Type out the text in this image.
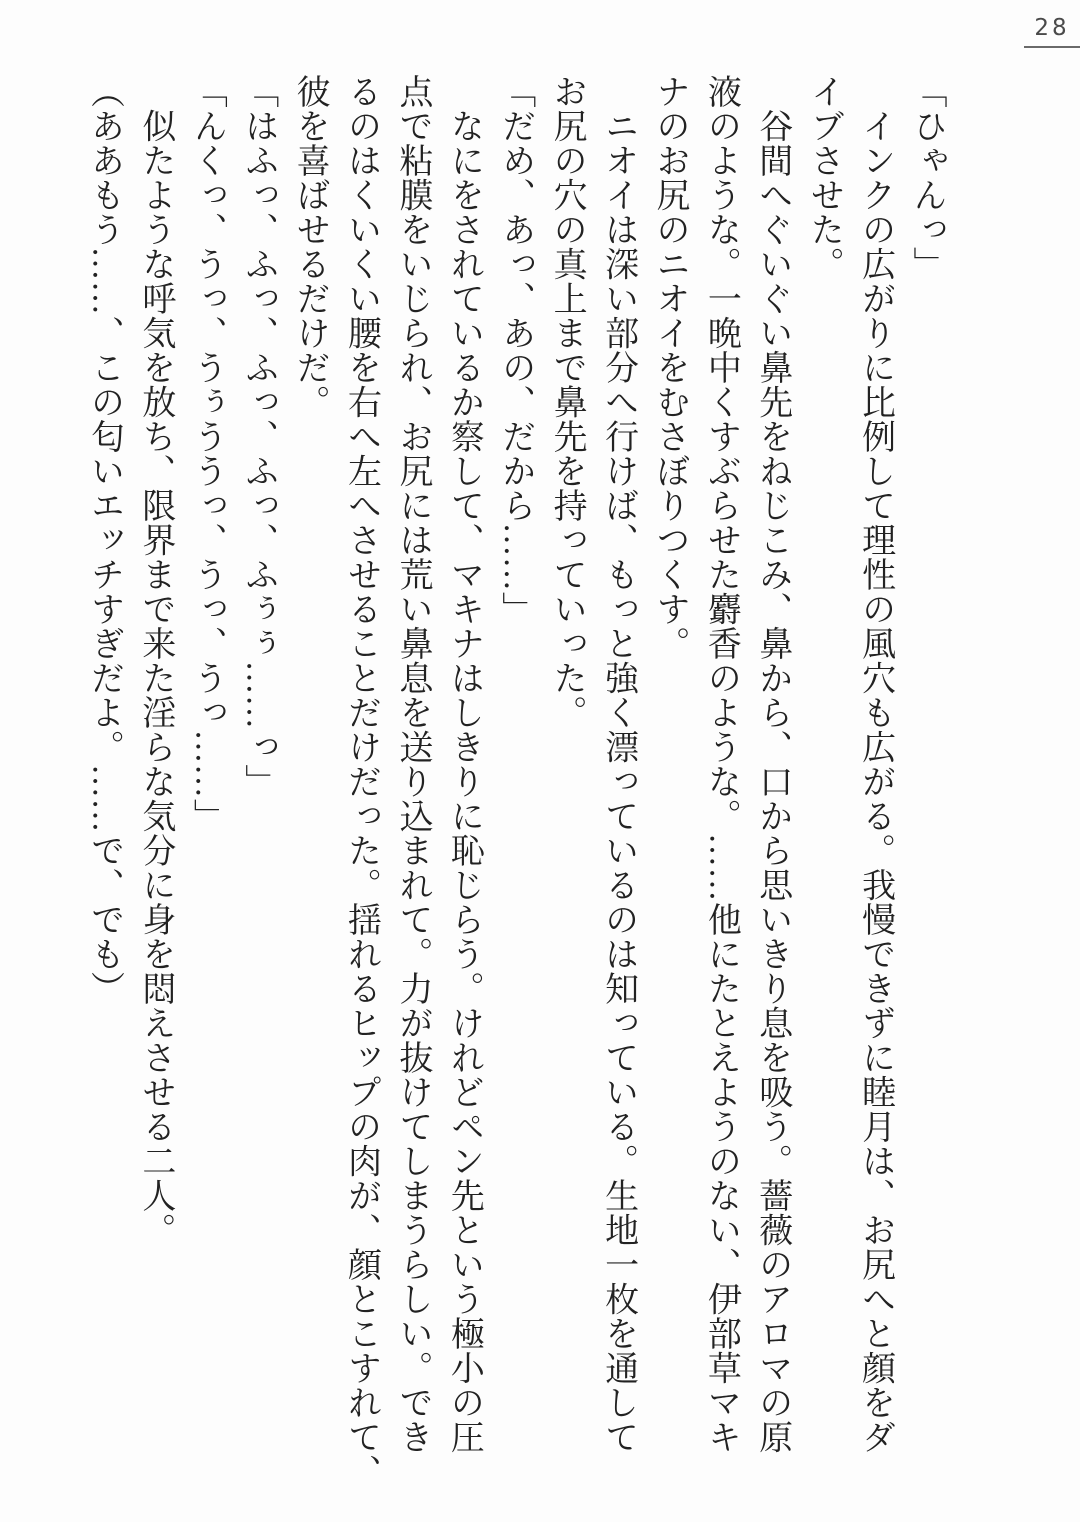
28
「ひゃんっ」
　インクの広がりに比例して理性の風穴も広がる。我慢できずに睦月は、お尻へと顔をダ
イブさせた。
　谷間へぐいぐい鼻先をねじこみ、鼻から、口から思いきり息を吸う。薔薇のアロマの原
液のような。一晩中くすぶらせた麝香のような。……他にたとえようのない、伊部草マキ
ナのお尻のニオイをむさぼりつくす。
　ニオイは深い部分へ行けば、もっと強く漂っているのは知っている。生地一枚を通して
お尻の穴の真上まで鼻先を持っていった。
「だめ、あっ、あの、だから……」
　なにをされているか察して、マキナはしきりに恥じらう。けれどペン先という極小の圧
点で粘膜をいじられ、お尻には荒い鼻息を送り込まれて。力が抜けてしまうらしい。でき
るのはくいくい腰を右へ左へさせることだけだった。揺れるヒップの肉が、顔とこすれて、
彼を喜ばせるだけだ。
「はふっ、ふっ、ふっ、ふっ、ふぅぅ……っ」
「んくっ、うっ、うぅううっ、うっ、うっ……」
　似たような呼気を放ち、限界まで来た淫らな気分に身を悶えさせる二人。
（ああもう……、この匂いエッチすぎだよ。……で、でも）
